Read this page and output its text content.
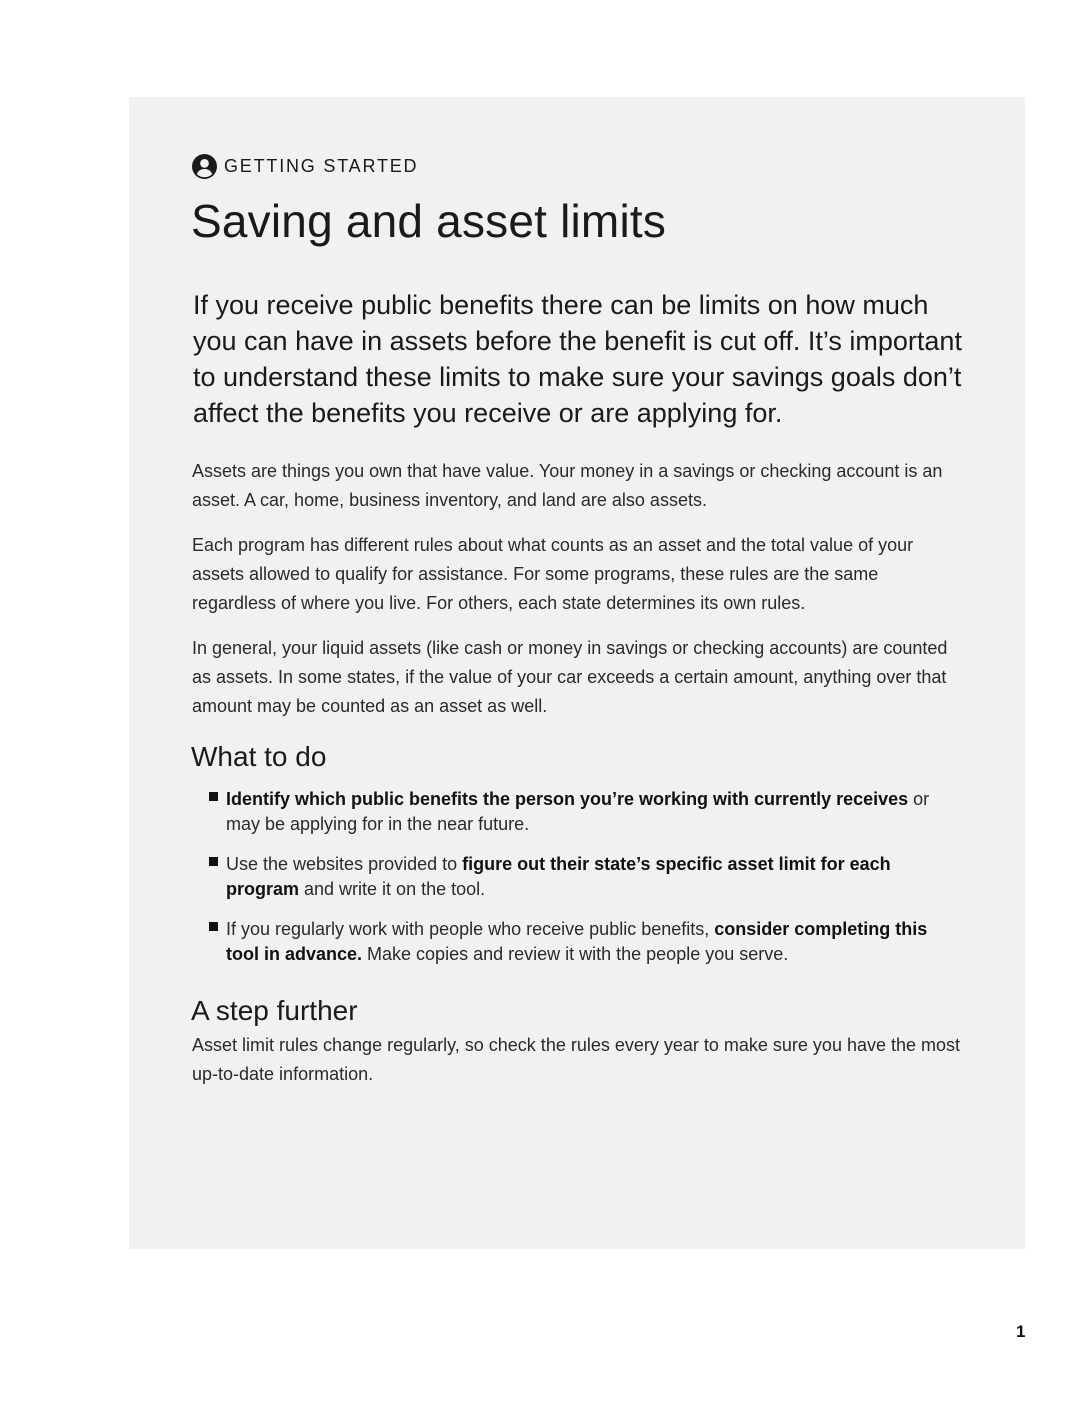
GETTING STARTED
Saving and asset limits

If you receive public benefits there can be limits on how much you can have in assets before the benefit is cut off. It’s important to understand these limits to make sure your savings goals don’t affect the benefits you receive or are applying for.

Assets are things you own that have value. Your money in a savings or checking account is an asset. A car, home, business inventory, and land are also assets.

Each program has different rules about what counts as an asset and the total value of your assets allowed to qualify for assistance. For some programs, these rules are the same regardless of where you live. For others, each state determines its own rules.

In general, your liquid assets (like cash or money in savings or checking accounts) are counted as assets. In some states, if the value of your car exceeds a certain amount, anything over that amount may be counted as an asset as well.

What to do
Identify which public benefits the person you’re working with currently receives or may be applying for in the near future.
Use the websites provided to figure out their state’s specific asset limit for each program and write it on the tool.
If you regularly work with people who receive public benefits, consider completing this tool in advance. Make copies and review it with the people you serve.
A step further

Asset limit rules change regularly, so check the rules every year to make sure you have the most up-to-date information.

1
